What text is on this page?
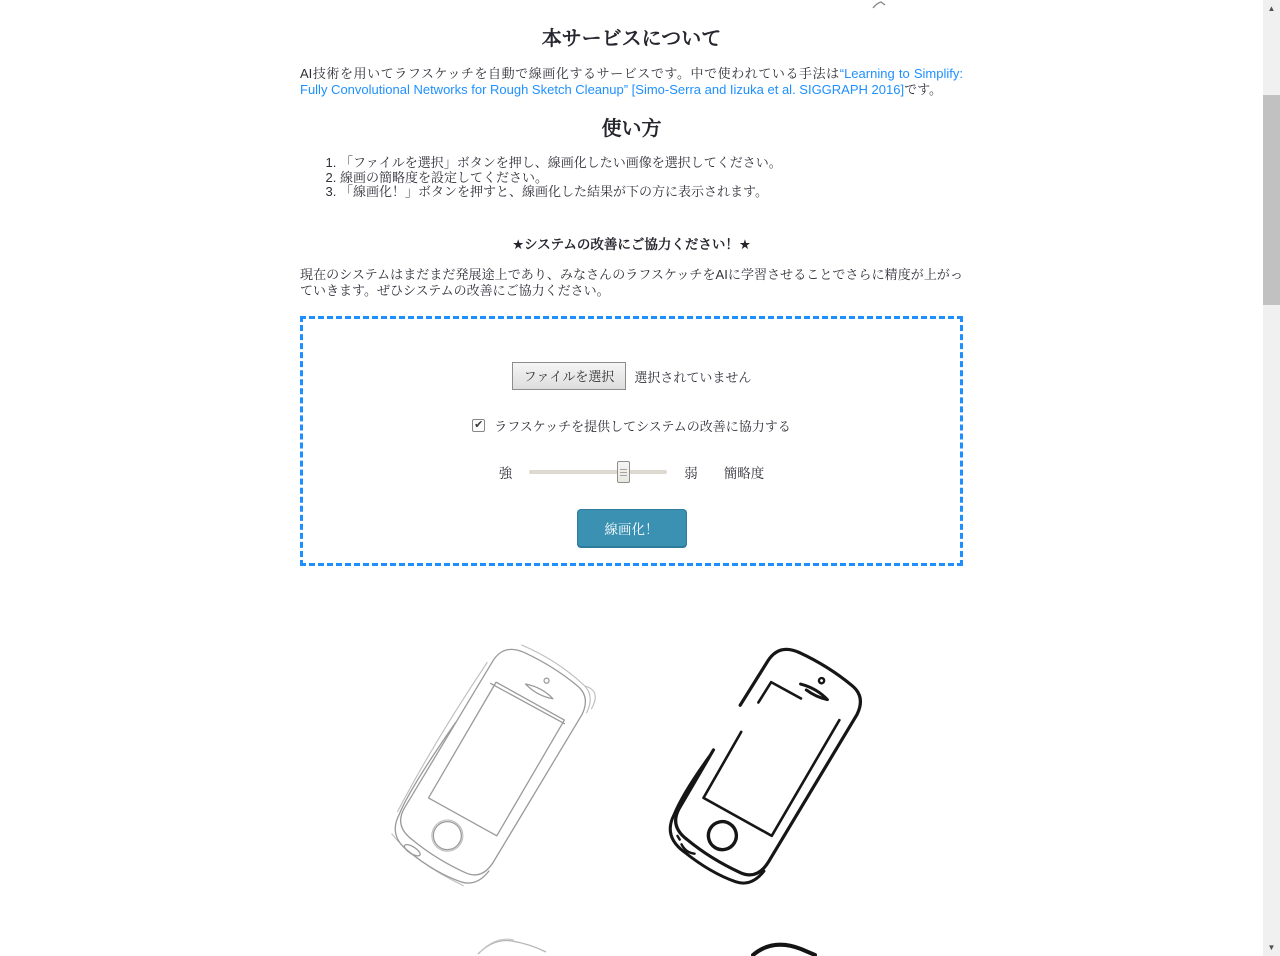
本サービスについて

AI技術を用いてラフスケッチを自動で線画化するサービスです。中で使われている手法は“Learning to Simplify: Fully Convolutional Networks for Rough Sketch Cleanup” [Simo-Serra and Iizuka et al. SIGGRAPH 2016]です。

使い方
1. 「ファイルを選択」ボタンを押し、線画化したい画像を選択してください。
2. 線画の簡略度を設定してください。
3. 「線画化！」ボタンを押すと、線画化した結果が下の方に表示されます。
★システムの改善にご協力ください！★

現在のシステムはまだまだ発展途上であり、みなさんのラフスケッチをAIに学習させることでさらに精度が上がっていきます。ぜひシステムの改善にご協力ください。

ファイルを選択	選択されていません
✔ ラフスケッチを提供してシステムの改善に協力する
強	弱 簡略度
線画化！
▲
▼
